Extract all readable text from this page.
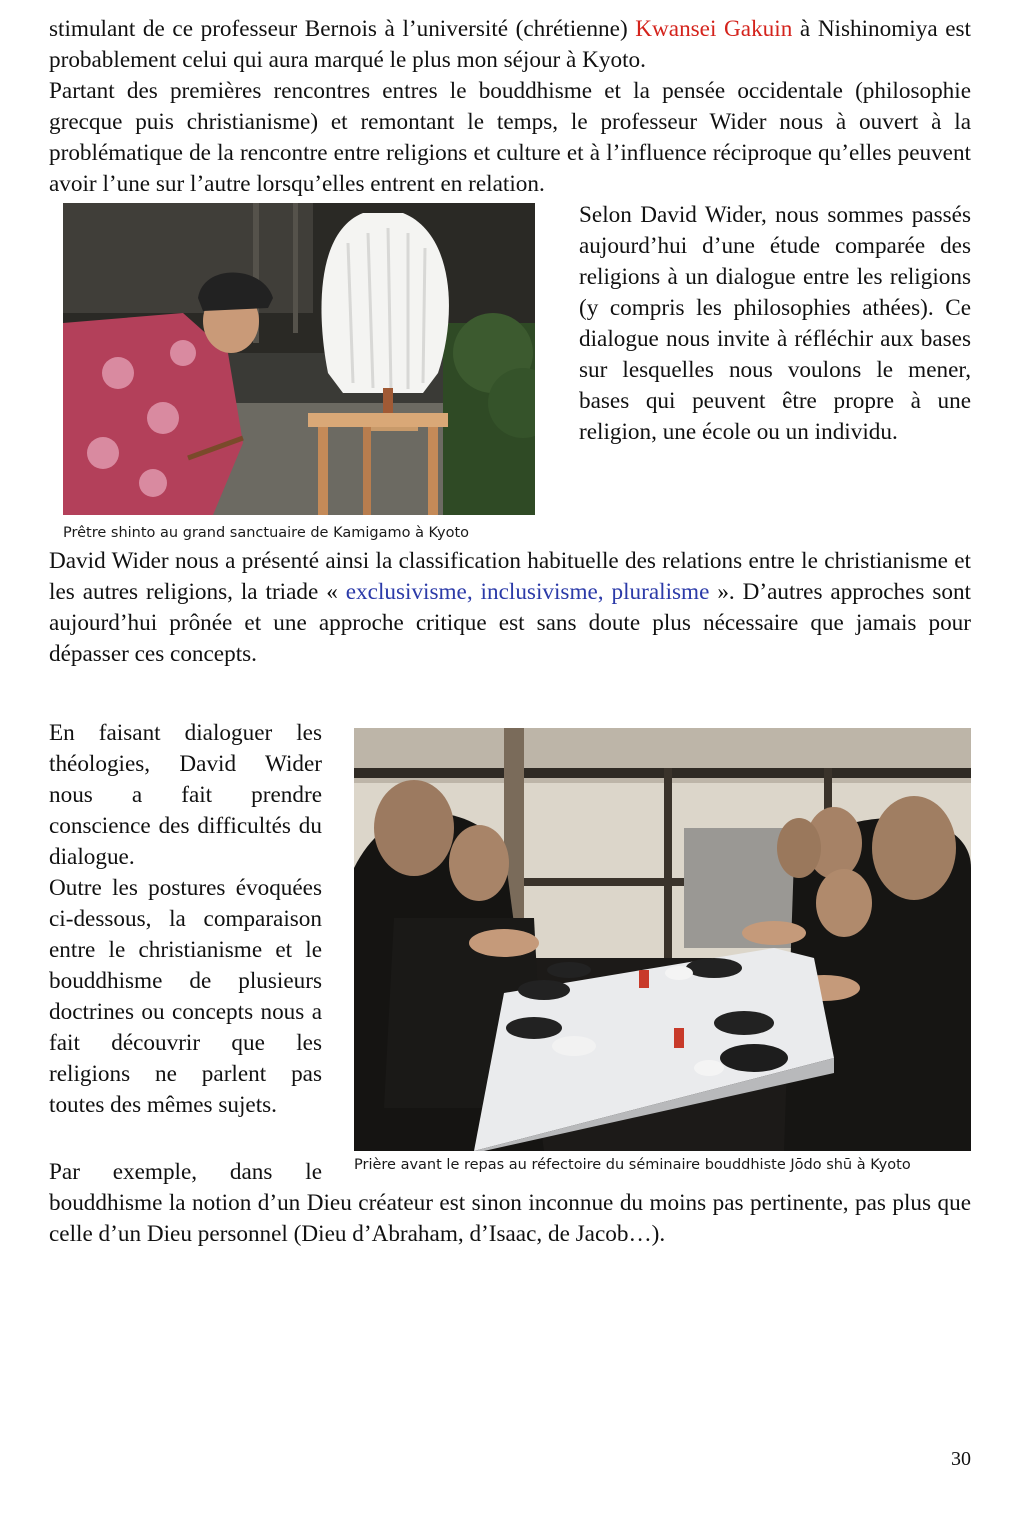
stimulant de ce professeur Bernois à l’université (chrétienne) Kwansei Gakuin à Nishinomiya est probablement celui qui aura marqué le plus mon séjour à Kyoto.

Partant des premières rencontres entres le bouddhisme et la pensée occidentale (philosophie grecque puis christianisme) et remontant le temps, le professeur Wider nous à ouvert à la problématique de la rencontre entre religions et culture et à l’influence réciproque qu’elles peuvent avoir l’une sur l’autre lorsqu’elles entrent en relation.

Prêtre shinto au grand sanctuaire de Kamigamo à Kyoto

Selon David Wider, nous sommes passés aujourd’hui d’une étude comparée des religions à un dialogue entre les religions (y compris les philosophies athées). Ce dialogue nous invite à réfléchir aux bases sur lesquelles nous voulons le mener, bases qui peuvent être propre à une religion, une école ou un individu.

David Wider nous a présenté ainsi la classification habituelle des relations entre le christianisme et les autres religions, la triade « exclusivisme, inclusivisme, pluralisme ». D’autres approches sont aujourd’hui prônée et une approche critique est sans doute plus nécessaire que jamais pour dépasser ces concepts.

Prière avant le repas au réfectoire du séminaire bouddhiste Jōdo shū à Kyoto

En faisant dialoguer les théologies, David Wider nous a fait prendre conscience des difficultés du dialogue.

Outre les postures évoquées ci-dessous, la comparaison entre le christianisme et le bouddhisme de plusieurs doctrines ou concepts nous a fait découvrir que les religions ne parlent pas toutes des mêmes sujets.

Par exemple, dans le bouddhisme la notion d’un Dieu créateur est sinon inconnue du moins pas pertinente, pas plus que celle d’un Dieu personnel (Dieu d’Abraham, d’Isaac, de Jacob…).

30
